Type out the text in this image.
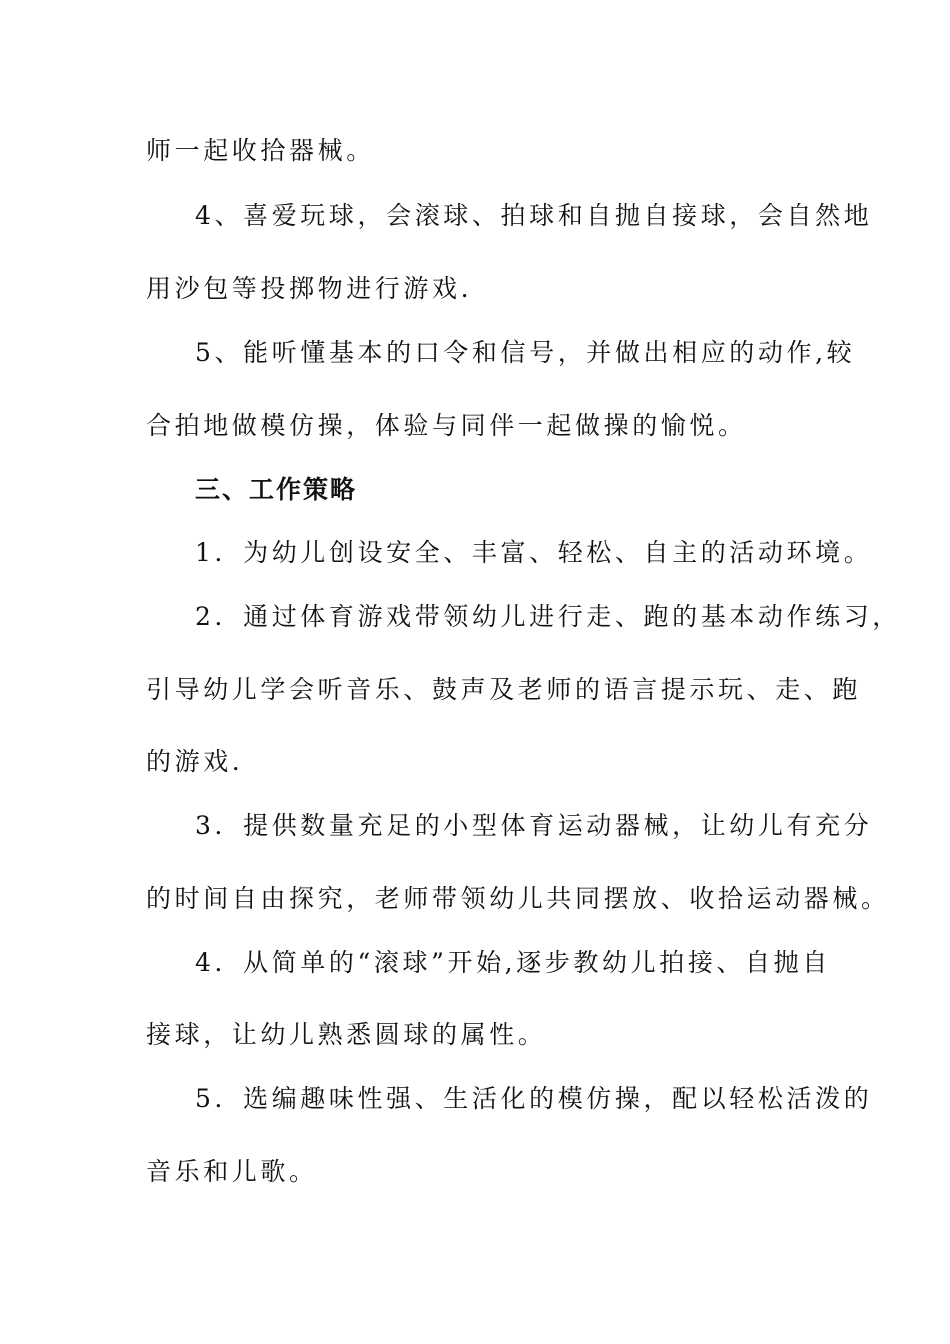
师一起收拾器械。
4、喜爱玩球，会滚球、拍球和自抛自接球，会自然地
用沙包等投掷物进行游戏.
5、能听懂基本的口令和信号，并做出相应的动作,较
合拍地做模仿操，体验与同伴一起做操的愉悦。
三、工作策略
1．为幼儿创设安全、丰富、轻松、自主的活动环境。
2．通过体育游戏带领幼儿进行走、跑的基本动作练习，
引导幼儿学会听音乐、鼓声及老师的语言提示玩、走、跑
的游戏.
3．提供数量充足的小型体育运动器械，让幼儿有充分
的时间自由探究，老师带领幼儿共同摆放、收拾运动器械。
4．从简单的“滚球”开始,逐步教幼儿拍接、自抛自
接球，让幼儿熟悉圆球的属性。
5．选编趣味性强、生活化的模仿操，配以轻松活泼的
音乐和儿歌。
